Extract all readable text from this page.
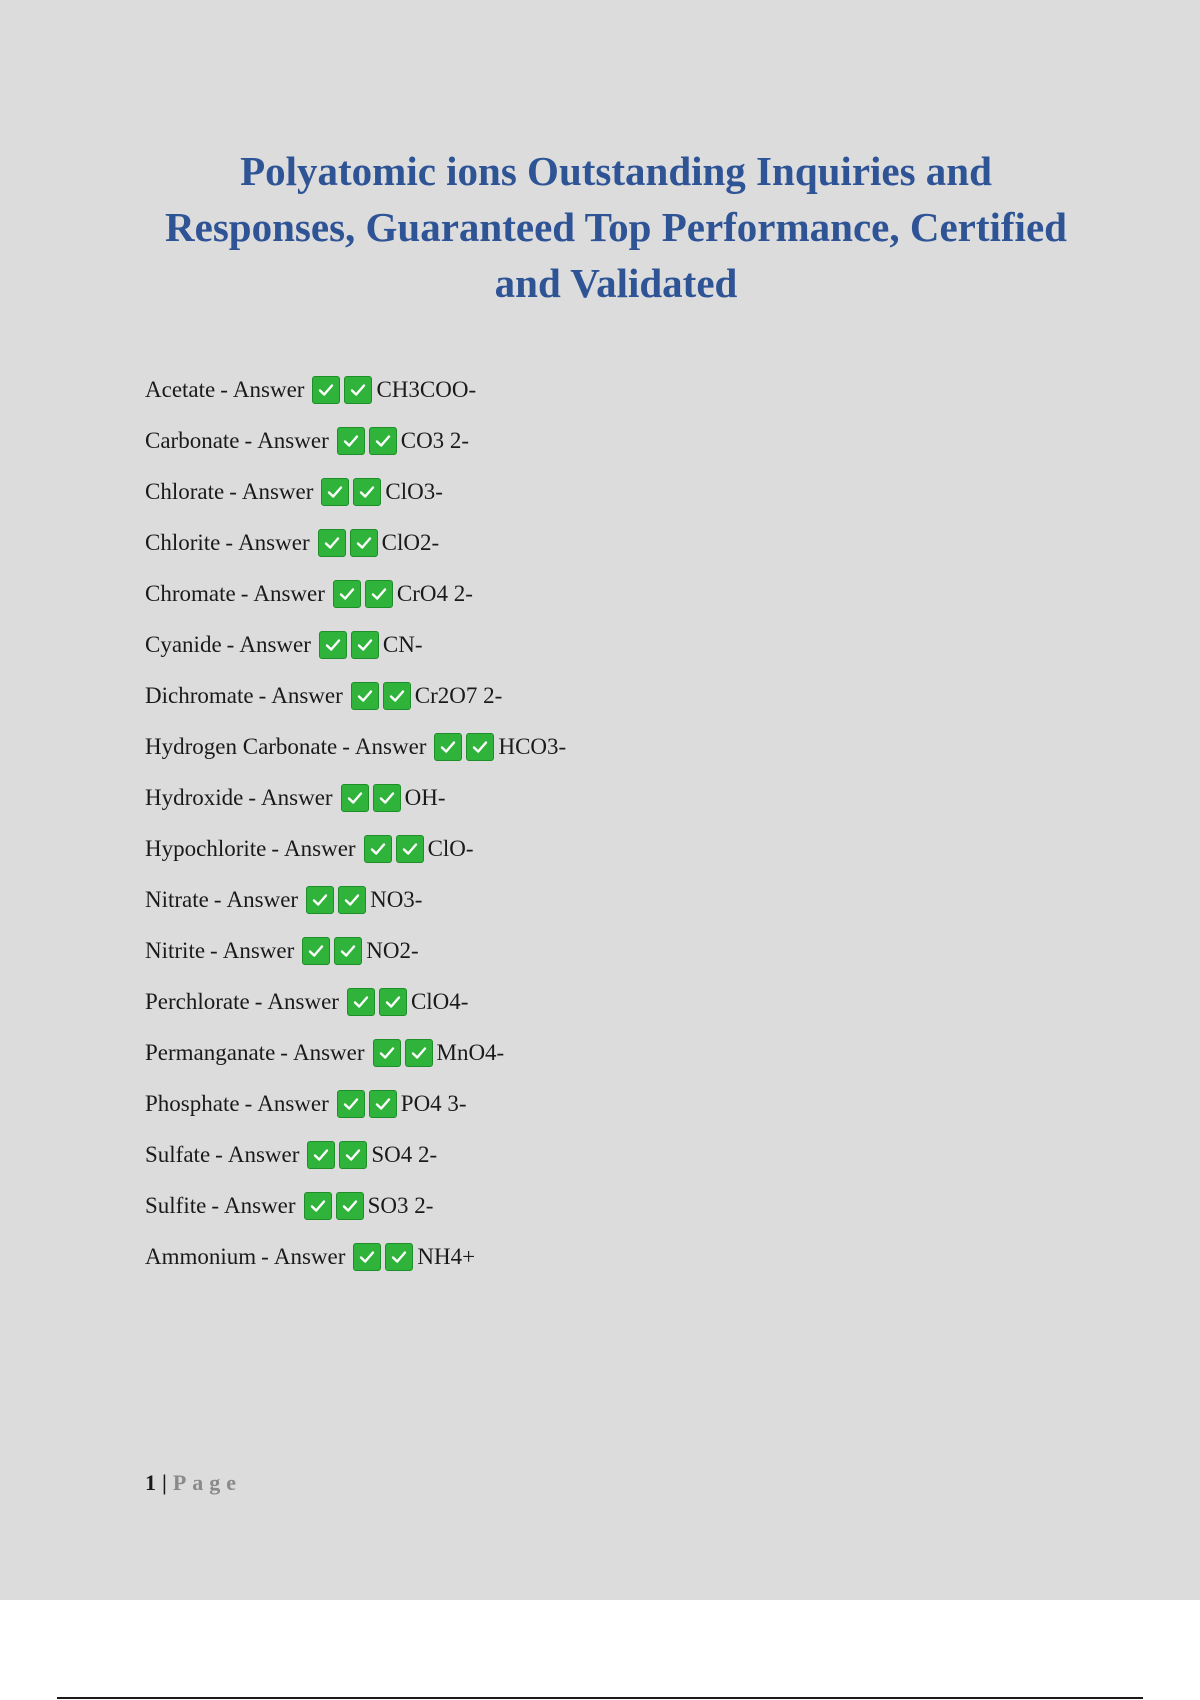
Polyatomic ions Outstanding Inquiries and Responses, Guaranteed Top Performance, Certified and Validated
Acetate - Answer	CH3COO-
Carbonate - Answer	CO3 2-
Chlorate - Answer	ClO3-
Chlorite - Answer	ClO2-
Chromate - Answer	CrO4 2-
Cyanide - Answer	CN-
Dichromate - Answer	Cr2O7 2-
Hydrogen Carbonate - Answer	HCO3-
Hydroxide - Answer	OH-
Hypochlorite - Answer	ClO-
Nitrate - Answer	NO3-
Nitrite - Answer	NO2-
Perchlorate - Answer	ClO4-
Permanganate - Answer	MnO4-
Phosphate - Answer	PO4 3-
Sulfate - Answer	SO4 2-
Sulfite - Answer	SO3 2-
Ammonium - Answer	NH4+
1 | Page
